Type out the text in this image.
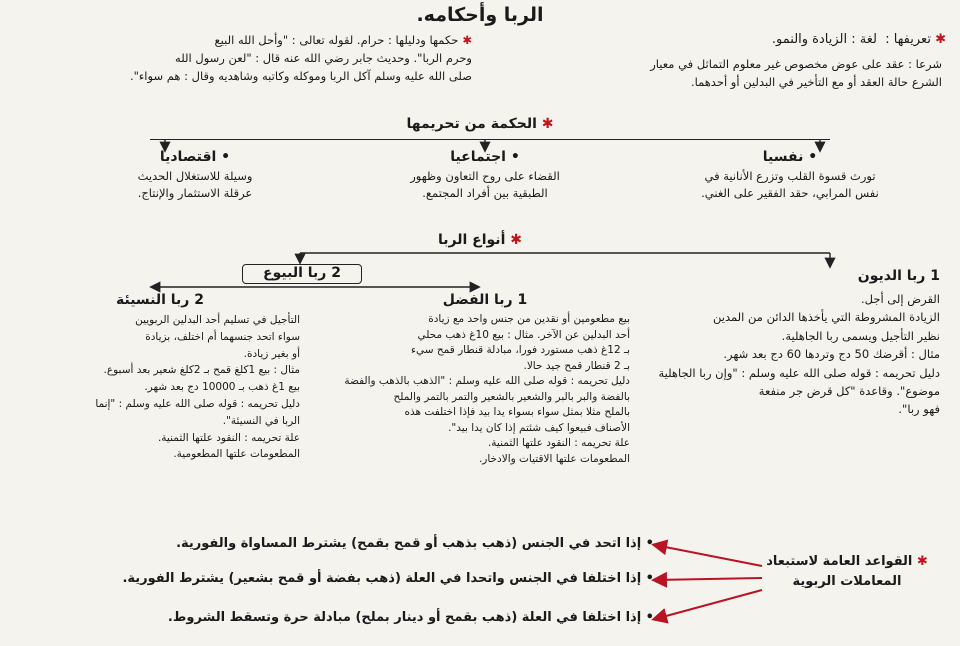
الربا وأحكامه.
✱ تعريفها :  لغة : الزيادة والنمو.
شرعا : عقد على عوض مخصوص غير معلوم التماثل في معيار
الشرع حالة العقد أو مع التأخير في البدلين أو أحدهما.
✱ حكمها ودليلها : حرام. لقوله تعالى : "وأحل الله البيع
وحرم الربا". وحديث جابر رضي الله عنه قال : "لعن رسول الله
صلى الله عليه وسلم آكل الربا وموكله وكاتبه وشاهديه وقال : هم سواء".
✱ الحكمة من تحريمها
• نفسيا
تورث قسوة القلب وتزرع الأنانية في
نفس المرابي، حقد الفقير على الغني.
• اجتماعيا
القضاء على روح التعاون وظهور
الطبقية بين أفراد المجتمع.
• اقتصاديا
وسيلة للاستغلال الحديث
عرقلة الاستثمار والإنتاج.
✱ أنواع الربا
2 ربا البيوع	1 ربا الديون
القرض إلى أجل.
الزيادة المشروطة التي يأخذها الدائن من المدين
نظير التأجيل ويسمى ربا الجاهلية.
مثال : أقرضك 50 دج وتردها 60 دج بعد شهر.
دليل تحريمه : قوله صلى الله عليه وسلم : "وإن ربا الجاهلية
موضوع". وقاعدة "كل قرض جر منفعة
فهو ربا".
1 ربا الفضل
بيع مطعومين أو نقدين من جنس واحد مع زيادة
أحد البدلين عن الآخر. مثال : بيع 10غ ذهب محلي
بـ 12غ ذهب مستورد فورا، مبادلة قنطار قمح سيء
بـ 2 قنطار قمح جيد حالا.
دليل تحريمه : قوله صلى الله عليه وسلم : "الذهب بالذهب والفضة
بالفضة والبر بالبر والشعير بالشعير والتمر بالتمر والملح
بالملح مثلا بمثل سواء بسواء يدا بيد فإذا اختلفت هذه
الأصناف فبيعوا كيف شئتم إذا كان يدا بيد".
علة تحريمه : النقود علتها الثمنية.
المطعومات علتها الاقتيات والادخار.
2 ربا النسيئة
التأجيل في تسليم أحد البدلين الربويين
سواء اتحد جنسهما أم اختلف، بزيادة
أو بغير زيادة.
مثال : بيع 1كلغ قمح بـ 2كلغ شعير بعد أسبوع.
بيع 1غ ذهب بـ 10000 دج بعد شهر.
دليل تحريمه : قوله صلى الله عليه وسلم : "إنما
الربا في النسيئة".
علة تحريمه : النقود علتها الثمنية.
المطعومات علتها المطعومية.
✱ القواعد العامة لاستبعاد
المعاملات الربوية
• إذا اتحد في الجنس (ذهب بذهب أو قمح بقمح) يشترط المساواة والفورية.
• إذا اختلفا في الجنس واتحدا في العلة (ذهب بفضة أو قمح بشعير) يشترط الفورية.
• إذا اختلفا في العلة (ذهب بقمح أو دينار بملح) مبادلة حرة وتسقط الشروط.
